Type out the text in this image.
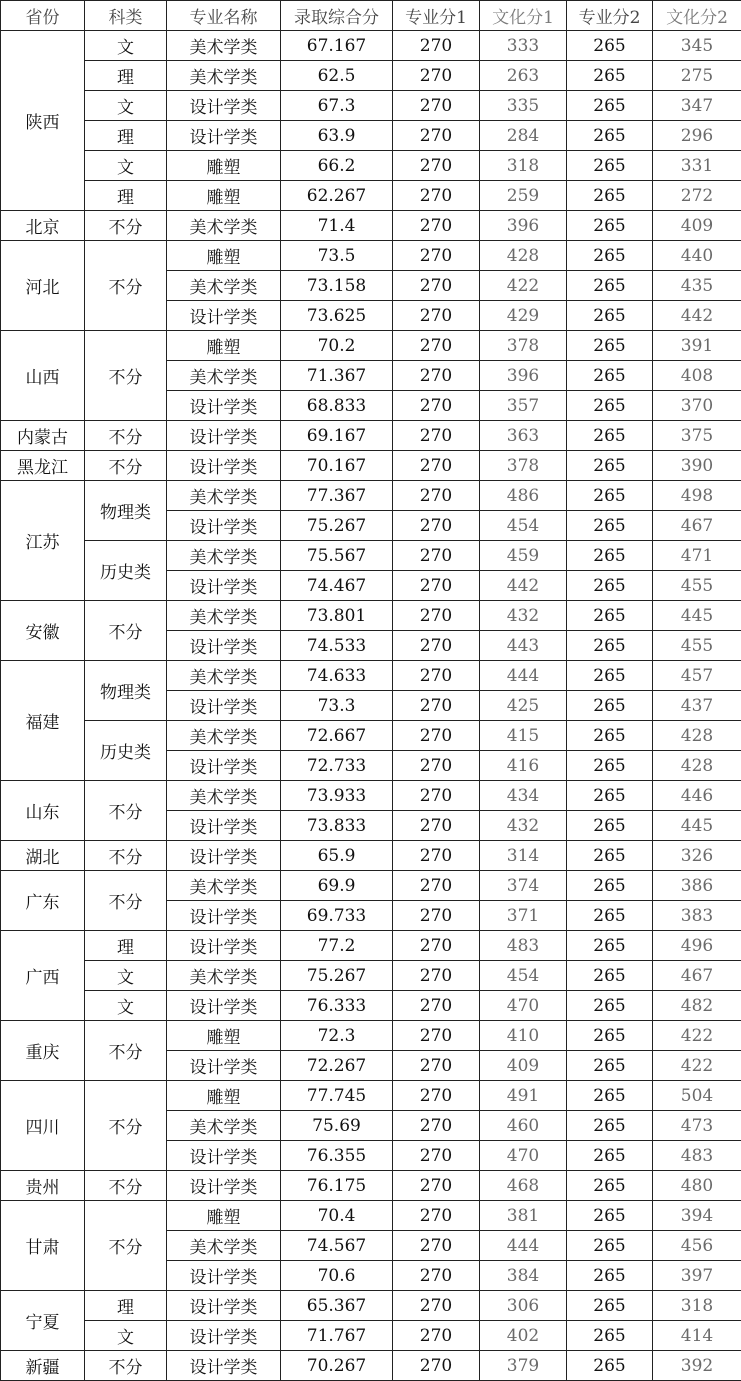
省份	科类	专业名称	录取综合分	专业分1	文化分1	专业分2	文化分2
陕西	文	美术学类	67.167	270	333	265	345
	理	美术学类	62.5	270	263	265	275
	文	设计学类	67.3	270	335	265	347
	理	设计学类	63.9	270	284	265	296
	文	雕塑	66.2	270	318	265	331
	理	雕塑	62.267	270	259	265	272
北京	不分	美术学类	71.4	270	396	265	409
河北	不分	雕塑	73.5	270	428	265	440
		美术学类	73.158	270	422	265	435
		设计学类	73.625	270	429	265	442
山西	不分	雕塑	70.2	270	378	265	391
		美术学类	71.367	270	396	265	408
		设计学类	68.833	270	357	265	370
内蒙古	不分	设计学类	69.167	270	363	265	375
黑龙江	不分	设计学类	70.167	270	378	265	390
江苏	物理类	美术学类	77.367	270	486	265	498
		设计学类	75.267	270	454	265	467
	历史类	美术学类	75.567	270	459	265	471
		设计学类	74.467	270	442	265	455
安徽	不分	美术学类	73.801	270	432	265	445
		设计学类	74.533	270	443	265	455
福建	物理类	美术学类	74.633	270	444	265	457
		设计学类	73.3	270	425	265	437
	历史类	美术学类	72.667	270	415	265	428
		设计学类	72.733	270	416	265	428
山东	不分	美术学类	73.933	270	434	265	446
		设计学类	73.833	270	432	265	445
湖北	不分	设计学类	65.9	270	314	265	326
广东	不分	美术学类	69.9	270	374	265	386
		设计学类	69.733	270	371	265	383
广西	理	设计学类	77.2	270	483	265	496
	文	美术学类	75.267	270	454	265	467
	文	设计学类	76.333	270	470	265	482
重庆	不分	雕塑	72.3	270	410	265	422
		设计学类	72.267	270	409	265	422
四川	不分	雕塑	77.745	270	491	265	504
		美术学类	75.69	270	460	265	473
		设计学类	76.355	270	470	265	483
贵州	不分	设计学类	76.175	270	468	265	480
甘肃	不分	雕塑	70.4	270	381	265	394
		美术学类	74.567	270	444	265	456
		设计学类	70.6	270	384	265	397
宁夏	理	设计学类	65.367	270	306	265	318
	文	设计学类	71.767	270	402	265	414
新疆	不分	设计学类	70.267	270	379	265	392
